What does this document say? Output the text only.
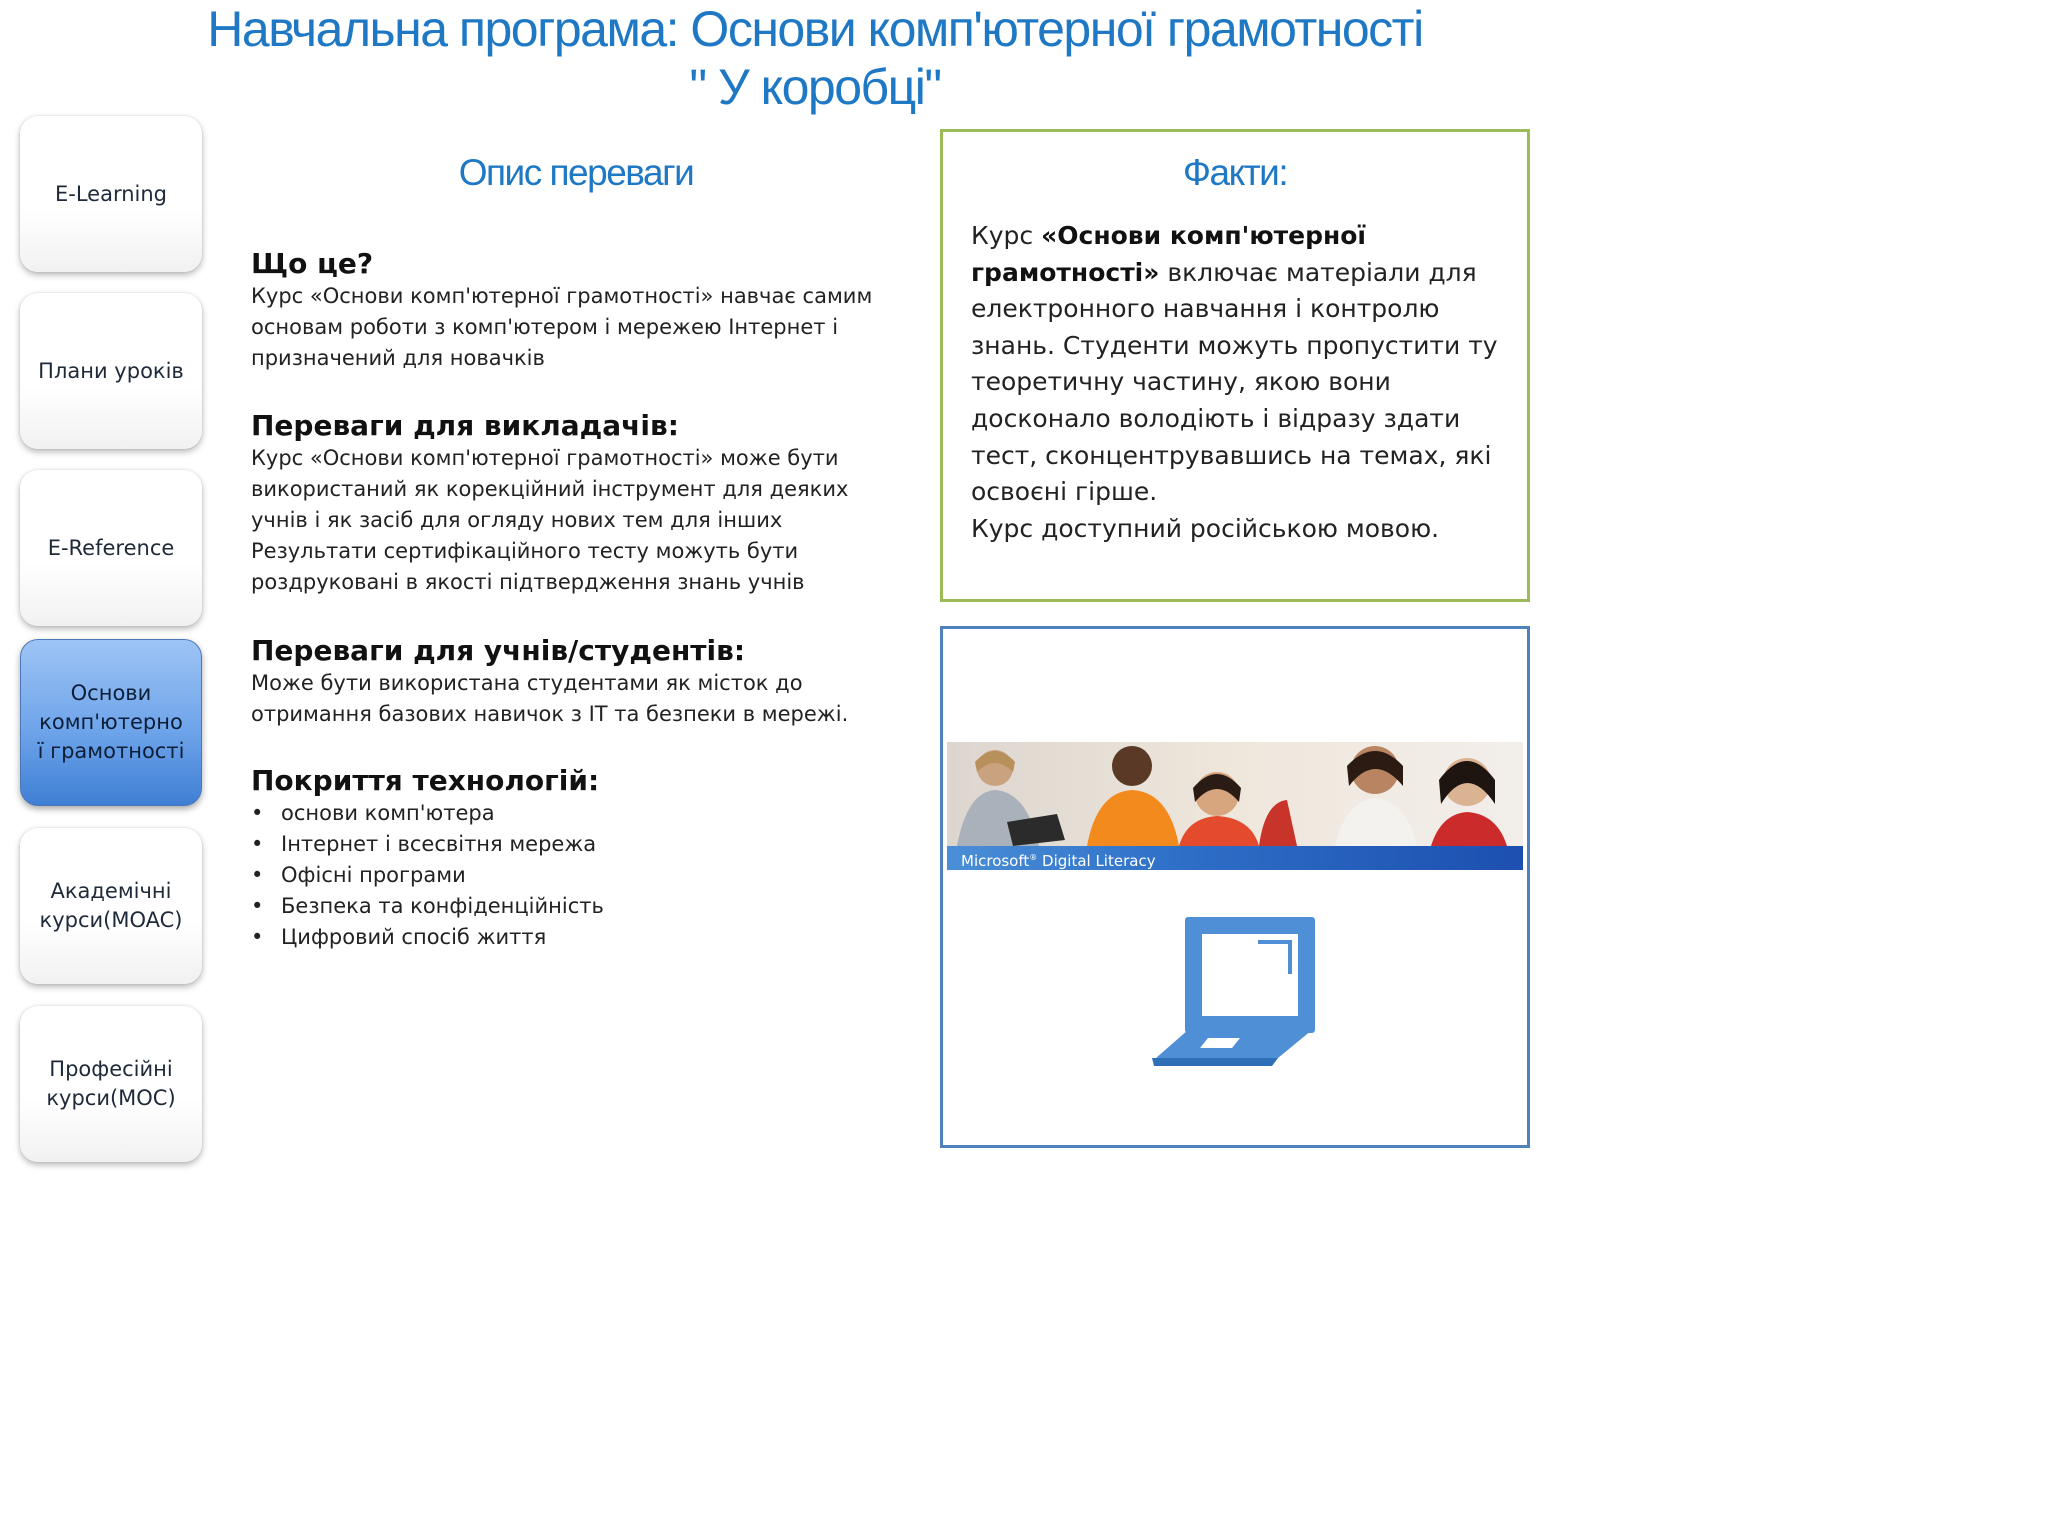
Навчальна програма: Основи комп'ютерної грамотності
" У коробці"
E-Learning
Плани уроків
E-Reference
Основи
комп'ютерно
ї грамотності
Академічні
курси(MOAC)
Професійні
курси(MOC)
Опис переваги
Що це?

Курс «Основи комп'ютерної грамотності» навчає самим основам роботи з комп'ютером і мережею Інтернет і призначений для новачків

Переваги для викладачів:

Курс «Основи комп'ютерної грамотності» може бути використаний як корекційний інструмент для деяких учнів і як засіб для огляду нових тем для інших Результати сертифікаційного тесту можуть бути роздруковані в якості підтвердження знань учнів

Переваги для учнів/студентів:

Може бути використана студентами як місток до отримання базових навичок з ІТ та безпеки в мережі.

Покриття технологій:
• основи комп'ютера
• Інтернет і всесвітня мережа
• Офісні програми
• Безпека та конфіденційність
• Цифровий спосіб життя
Факти:
Курс «Основи комп'ютерної грамотності» включає матеріали для електронного навчання і контролю знань. Студенти можуть пропустити ту теоретичну частину, якою вони досконало володіють і відразу здати тест, сконцентрувавшись на темах, які освоєні гірше.
Курс доступний російською мовою.
Microsoft® Digital Literacy
